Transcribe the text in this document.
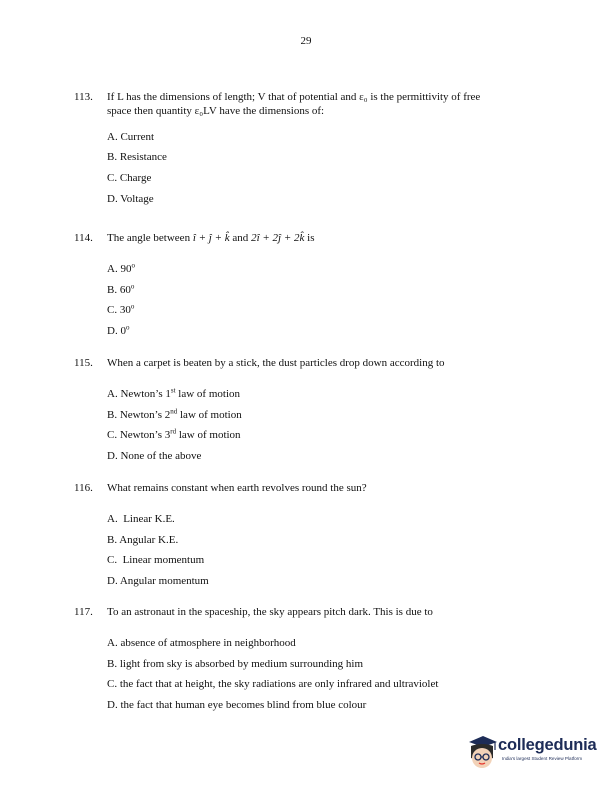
29
113.	If L has the dimensions of length; V that of potential and ε₀ is the permittivity of free
space then quantity ε₀LV have the dimensions of:
A. Current
B. Resistance
C. Charge
D. Voltage
114.	The angle between î + ĵ + k̂ and 2î + 2ĵ + 2k̂ is
A. 90$^o$
B. 60$^o$
C. 30$^o$
D. 0$^o$
115.	When a carpet is beaten by a stick, the dust particles drop down according to
A. Newton’s 1st law of motion
B. Newton’s 2nd law of motion
C. Newton’s 3rd law of motion
D. None of the above
116.	What remains constant when earth revolves round the sun?
A.  Linear K.E.
B. Angular K.E.
C.  Linear momentum
D. Angular momentum
117.	To an astronaut in the spaceship, the sky appears pitch dark. This is due to
A. absence of atmosphere in neighborhood
B. light from sky is absorbed by medium surrounding him
C. the fact that at height, the sky radiations are only infrared and ultraviolet
D. the fact that human eye becomes blind from blue colour
collegedunia
India's largest Student Review Platform
